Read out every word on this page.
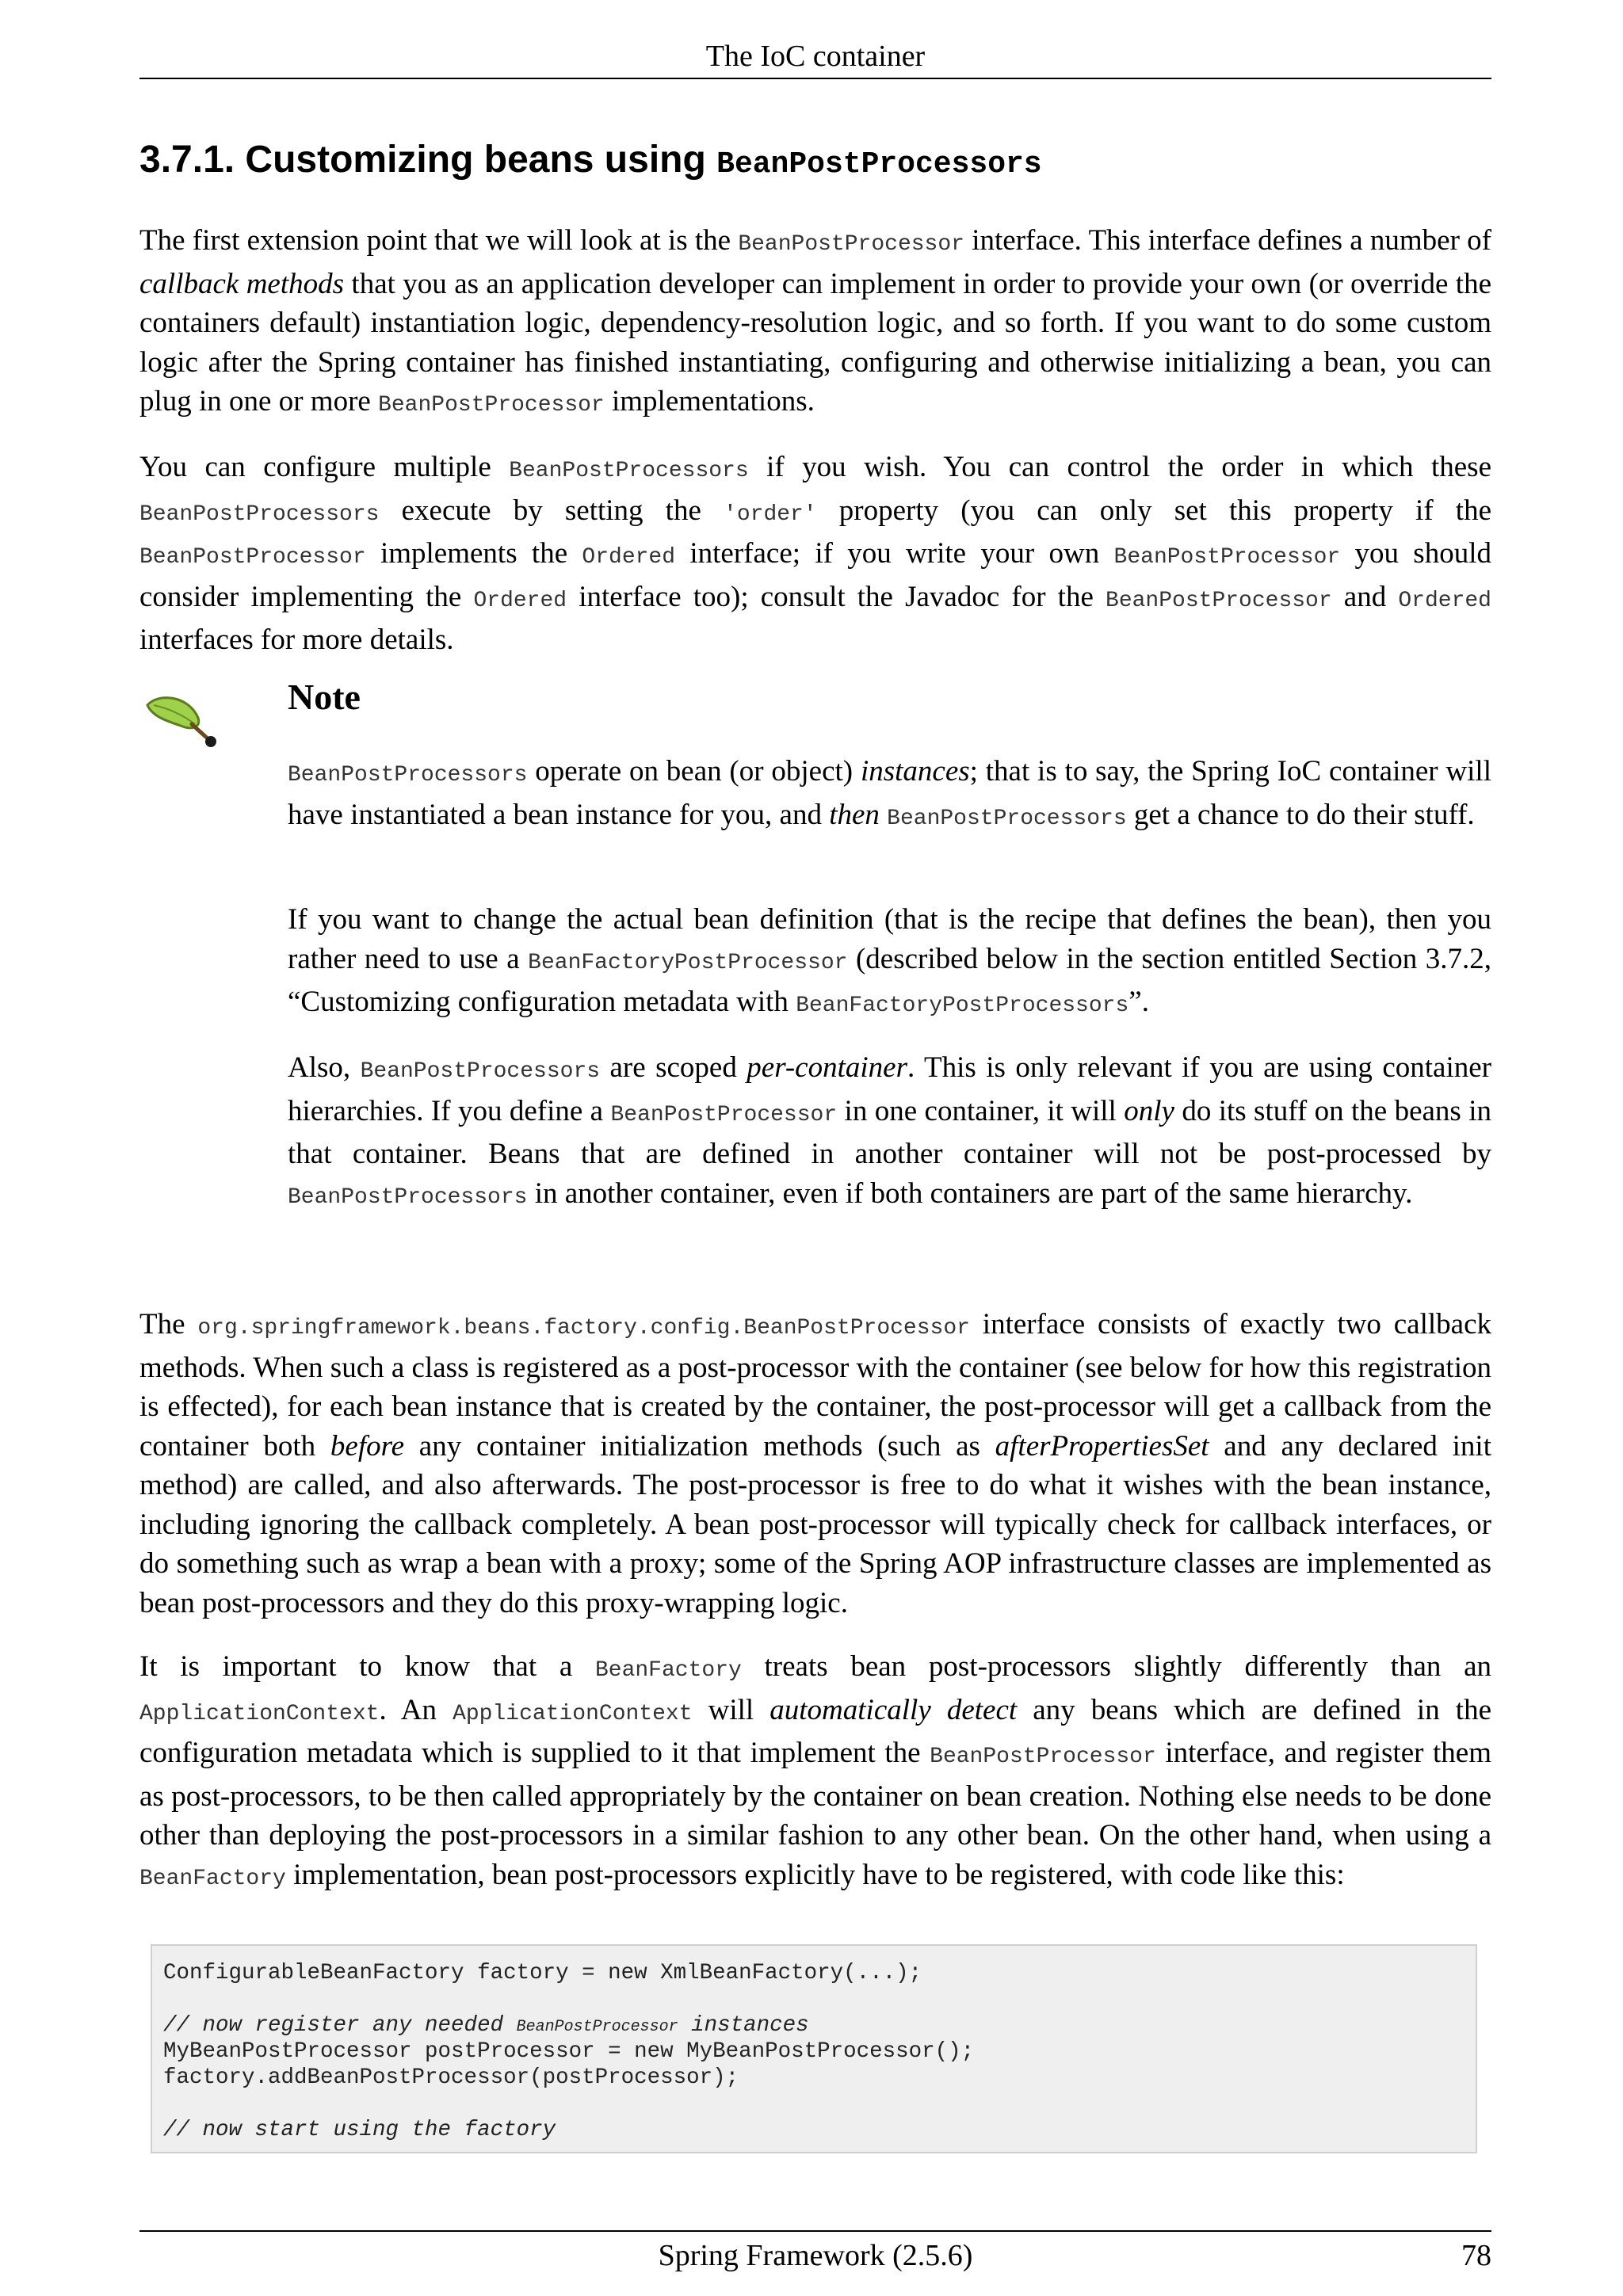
The IoC container
3.7.1. Customizing beans using BeanPostProcessors

The first extension point that we will look at is the BeanPostProcessor interface. This interface defines a number of callback methods that you as an application developer can implement in order to provide your own (or override the containers default) instantiation logic, dependency-resolution logic, and so forth. If you want to do some custom logic after the Spring container has finished instantiating, configuring and otherwise initializing a bean, you can plug in one or more BeanPostProcessor implementations.

You can configure multiple BeanPostProcessors if you wish. You can control the order in which these BeanPostProcessors execute by setting the 'order' property (you can only set this property if the BeanPostProcessor implements the Ordered interface; if you write your own BeanPostProcessor you should consider implementing the Ordered interface too); consult the Javadoc for the BeanPostProcessor and Ordered interfaces for more details.

Note

BeanPostProcessors operate on bean (or object) instances; that is to say, the Spring IoC container will have instantiated a bean instance for you, and then BeanPostProcessors get a chance to do their stuff.

If you want to change the actual bean definition (that is the recipe that defines the bean), then you rather need to use a BeanFactoryPostProcessor (described below in the section entitled Section 3.7.2, “Customizing configuration metadata with BeanFactoryPostProcessors”.

Also, BeanPostProcessors are scoped per-container. This is only relevant if you are using container hierarchies. If you define a BeanPostProcessor in one container, it will only do its stuff on the beans in that container. Beans that are defined in another container will not be post-processed by BeanPostProcessors in another container, even if both containers are part of the same hierarchy.

The org.springframework.beans.factory.config.BeanPostProcessor interface consists of exactly two callback methods. When such a class is registered as a post-processor with the container (see below for how this registration is effected), for each bean instance that is created by the container, the post-processor will get a callback from the container both before any container initialization methods (such as afterPropertiesSet and any declared init method) are called, and also afterwards. The post-processor is free to do what it wishes with the bean instance, including ignoring the callback completely. A bean post-processor will typically check for callback interfaces, or do something such as wrap a bean with a proxy; some of the Spring AOP infrastructure classes are implemented as bean post-processors and they do this proxy-wrapping logic.

It is important to know that a BeanFactory treats bean post-processors slightly differently than an ApplicationContext. An ApplicationContext will automatically detect any beans which are defined in the configuration metadata which is supplied to it that implement the BeanPostProcessor interface, and register them as post-processors, to be then called appropriately by the container on bean creation. Nothing else needs to be done other than deploying the post-processors in a similar fashion to any other bean. On the other hand, when using a BeanFactory implementation, bean post-processors explicitly have to be registered, with code like this:

ConfigurableBeanFactory factory = new XmlBeanFactory(...);
// now register any needed BeanPostProcessor instances
MyBeanPostProcessor postProcessor = new MyBeanPostProcessor();
factory.addBeanPostProcessor(postProcessor);
// now start using the factory
Spring Framework (2.5.6)	78
